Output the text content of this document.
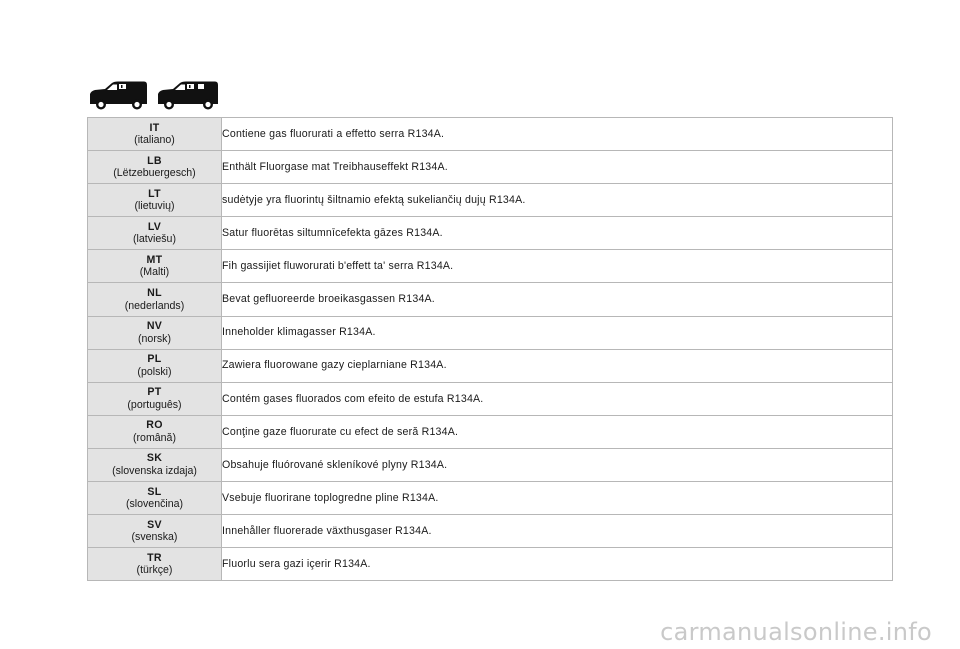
IT
(italiano)	Contiene gas fluorurati a effetto serra R134A.

LB
(Lëtzebuergesch)	Enthält Fluorgase mat Treibhauseffekt R134A.

LT
(lietuvių)	sudėtyje yra fluorintų šiltnamio efektą sukeliančių dujų R134A.

LV
(latviešu)	Satur fluorētas siltumnīcefekta gāzes R134A.

MT
(Malti)	Fih gassijiet fluworurati b'effett ta' serra R134A.

NL
(nederlands)	Bevat gefluoreerde broeikasgassen R134A.

NV
(norsk)	Inneholder klimagasser R134A.

PL
(polski)	Zawiera fluorowane gazy cieplarniane R134A.

PT
(português)	Contém gases fluorados com efeito de estufa R134A.

RO
(română)	Conţine gaze fluorurate cu efect de seră R134A.

SK
(slovenska izdaja)	Obsahuje fluórované skleníkové plyny R134A.

SL
(slovenčina)	Vsebuje fluorirane toplogredne pline R134A.

SV
(svenska)	Innehåller fluorerade växthusgaser R134A.

TR
(türkçe)	Fluorlu sera gazi içerir R134A.
carmanualsonline.info
